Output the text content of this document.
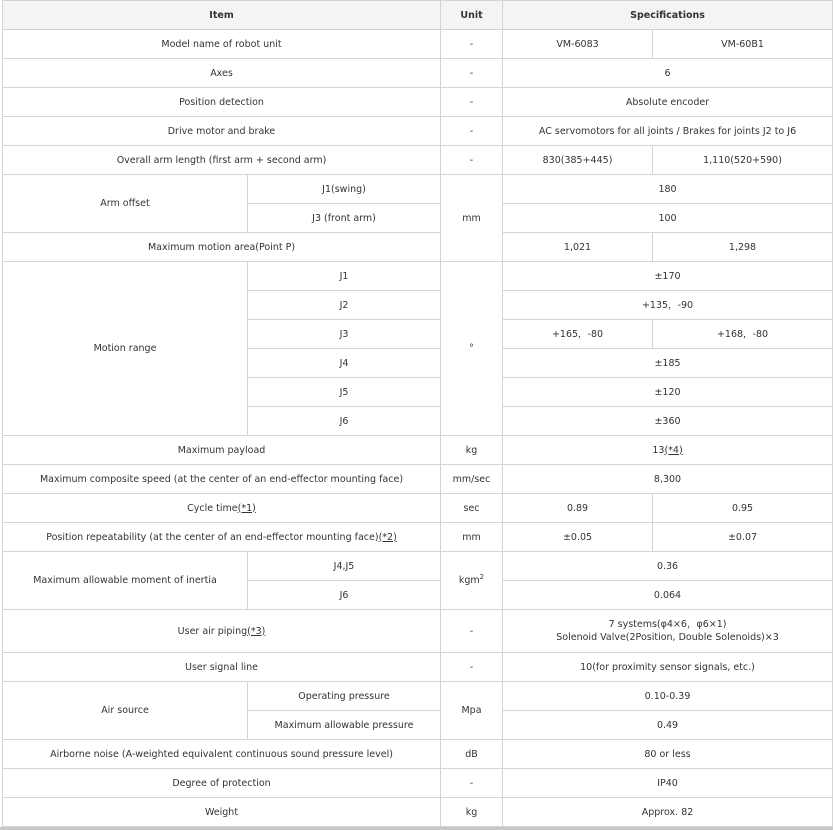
Item		Unit	Specifications	
Model name of robot unit		-	VM-6083	VM-60B1
Axes		-	6	
Position detection		-	Absolute encoder	
Drive motor and brake		-	AC servomotors for all joints / Brakes for joints J2 to J6	
Overall arm length (first arm + second arm)		-	830(385+445)	1,110(520+590)
Arm offset	J1(swing)	mm	180	
	J3 (front arm)		100	
Maximum motion area(Point P)			1,021	1,298
Motion range	J1	°	±170	
	J2		+135，-90	
	J3		+165，-80	+168，-80
	J4		±185	
	J5		±120	
	J6		±360	
Maximum payload		kg	13(*4)	
Maximum composite speed (at the center of an end-effector mounting face)		mm/sec	8,300	
Cycle time(*1)		sec	0.89	0.95
Position repeatability (at the center of an end-effector mounting face)(*2)		mm	±0.05	±0.07
Maximum allowable moment of inertia	J4,J5	kgm$^2$	0.36	
	J6		0.064	
User air piping(*3)		-	7 systems(φ4×6，φ6×1)
Solenoid Valve(2Position, Double Solenoids)×3	

User signal line		-	10(for proximity sensor signals, etc.)	
Air source	Operating pressure	Mpa	0.10-0.39	
	Maximum allowable pressure		0.49	
Airborne noise (A-weighted equivalent continuous sound pressure level)		dB	80 or less	
Degree of protection		-	IP40	
Weight		kg	Approx. 82	
